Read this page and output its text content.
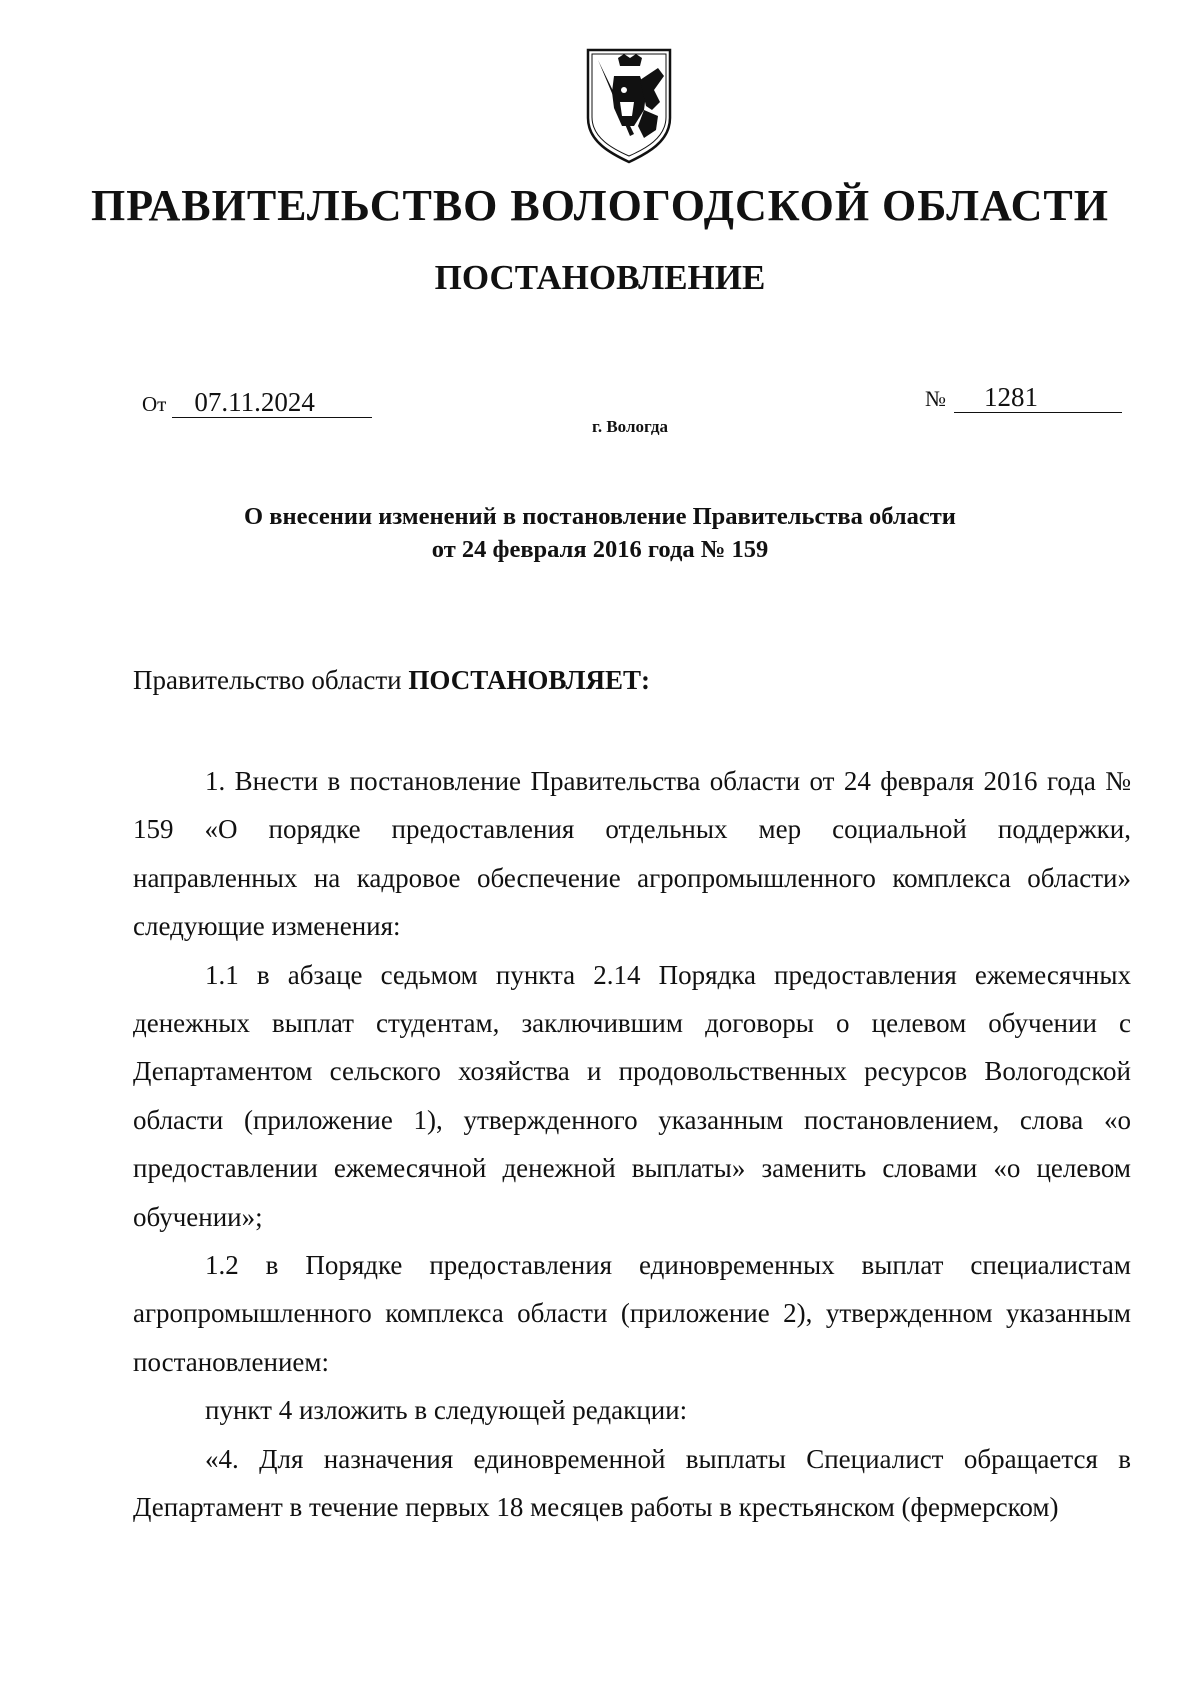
ПРАВИТЕЛЬСТВО ВОЛОГОДСКОЙ ОБЛАСТИ
ПОСТАНОВЛЕНИЕ
От 07.11.2024	№ 1281
г. Вологда
О внесении изменений в постановление Правительства области
от 24 февраля 2016 года № 159
Правительство области ПОСТАНОВЛЯЕТ:

1. Внести в постановление Правительства области от 24 февраля 2016 года № 159 «О порядке предоставления отдельных мер социальной поддержки, направленных на кадровое обеспечение агропромышленного комплекса области» следующие изменения:

1.1 в абзаце седьмом пункта 2.14 Порядка предоставления ежемесячных денежных выплат студентам, заключившим договоры о целевом обучении с Департаментом сельского хозяйства и продовольственных ресурсов Вологодской области (приложение 1), утвержденного указанным постановлением, слова «о предоставлении ежемесячной денежной выплаты» заменить словами «о целевом обучении»;

1.2 в Порядке предоставления единовременных выплат специалистам агропромышленного комплекса области (приложение 2), утвержденном указанным постановлением:

пункт 4 изложить в следующей редакции:

«4. Для назначения единовременной выплаты Специалист обращается в Департамент в течение первых 18 месяцев работы в крестьянском (фермерском)
